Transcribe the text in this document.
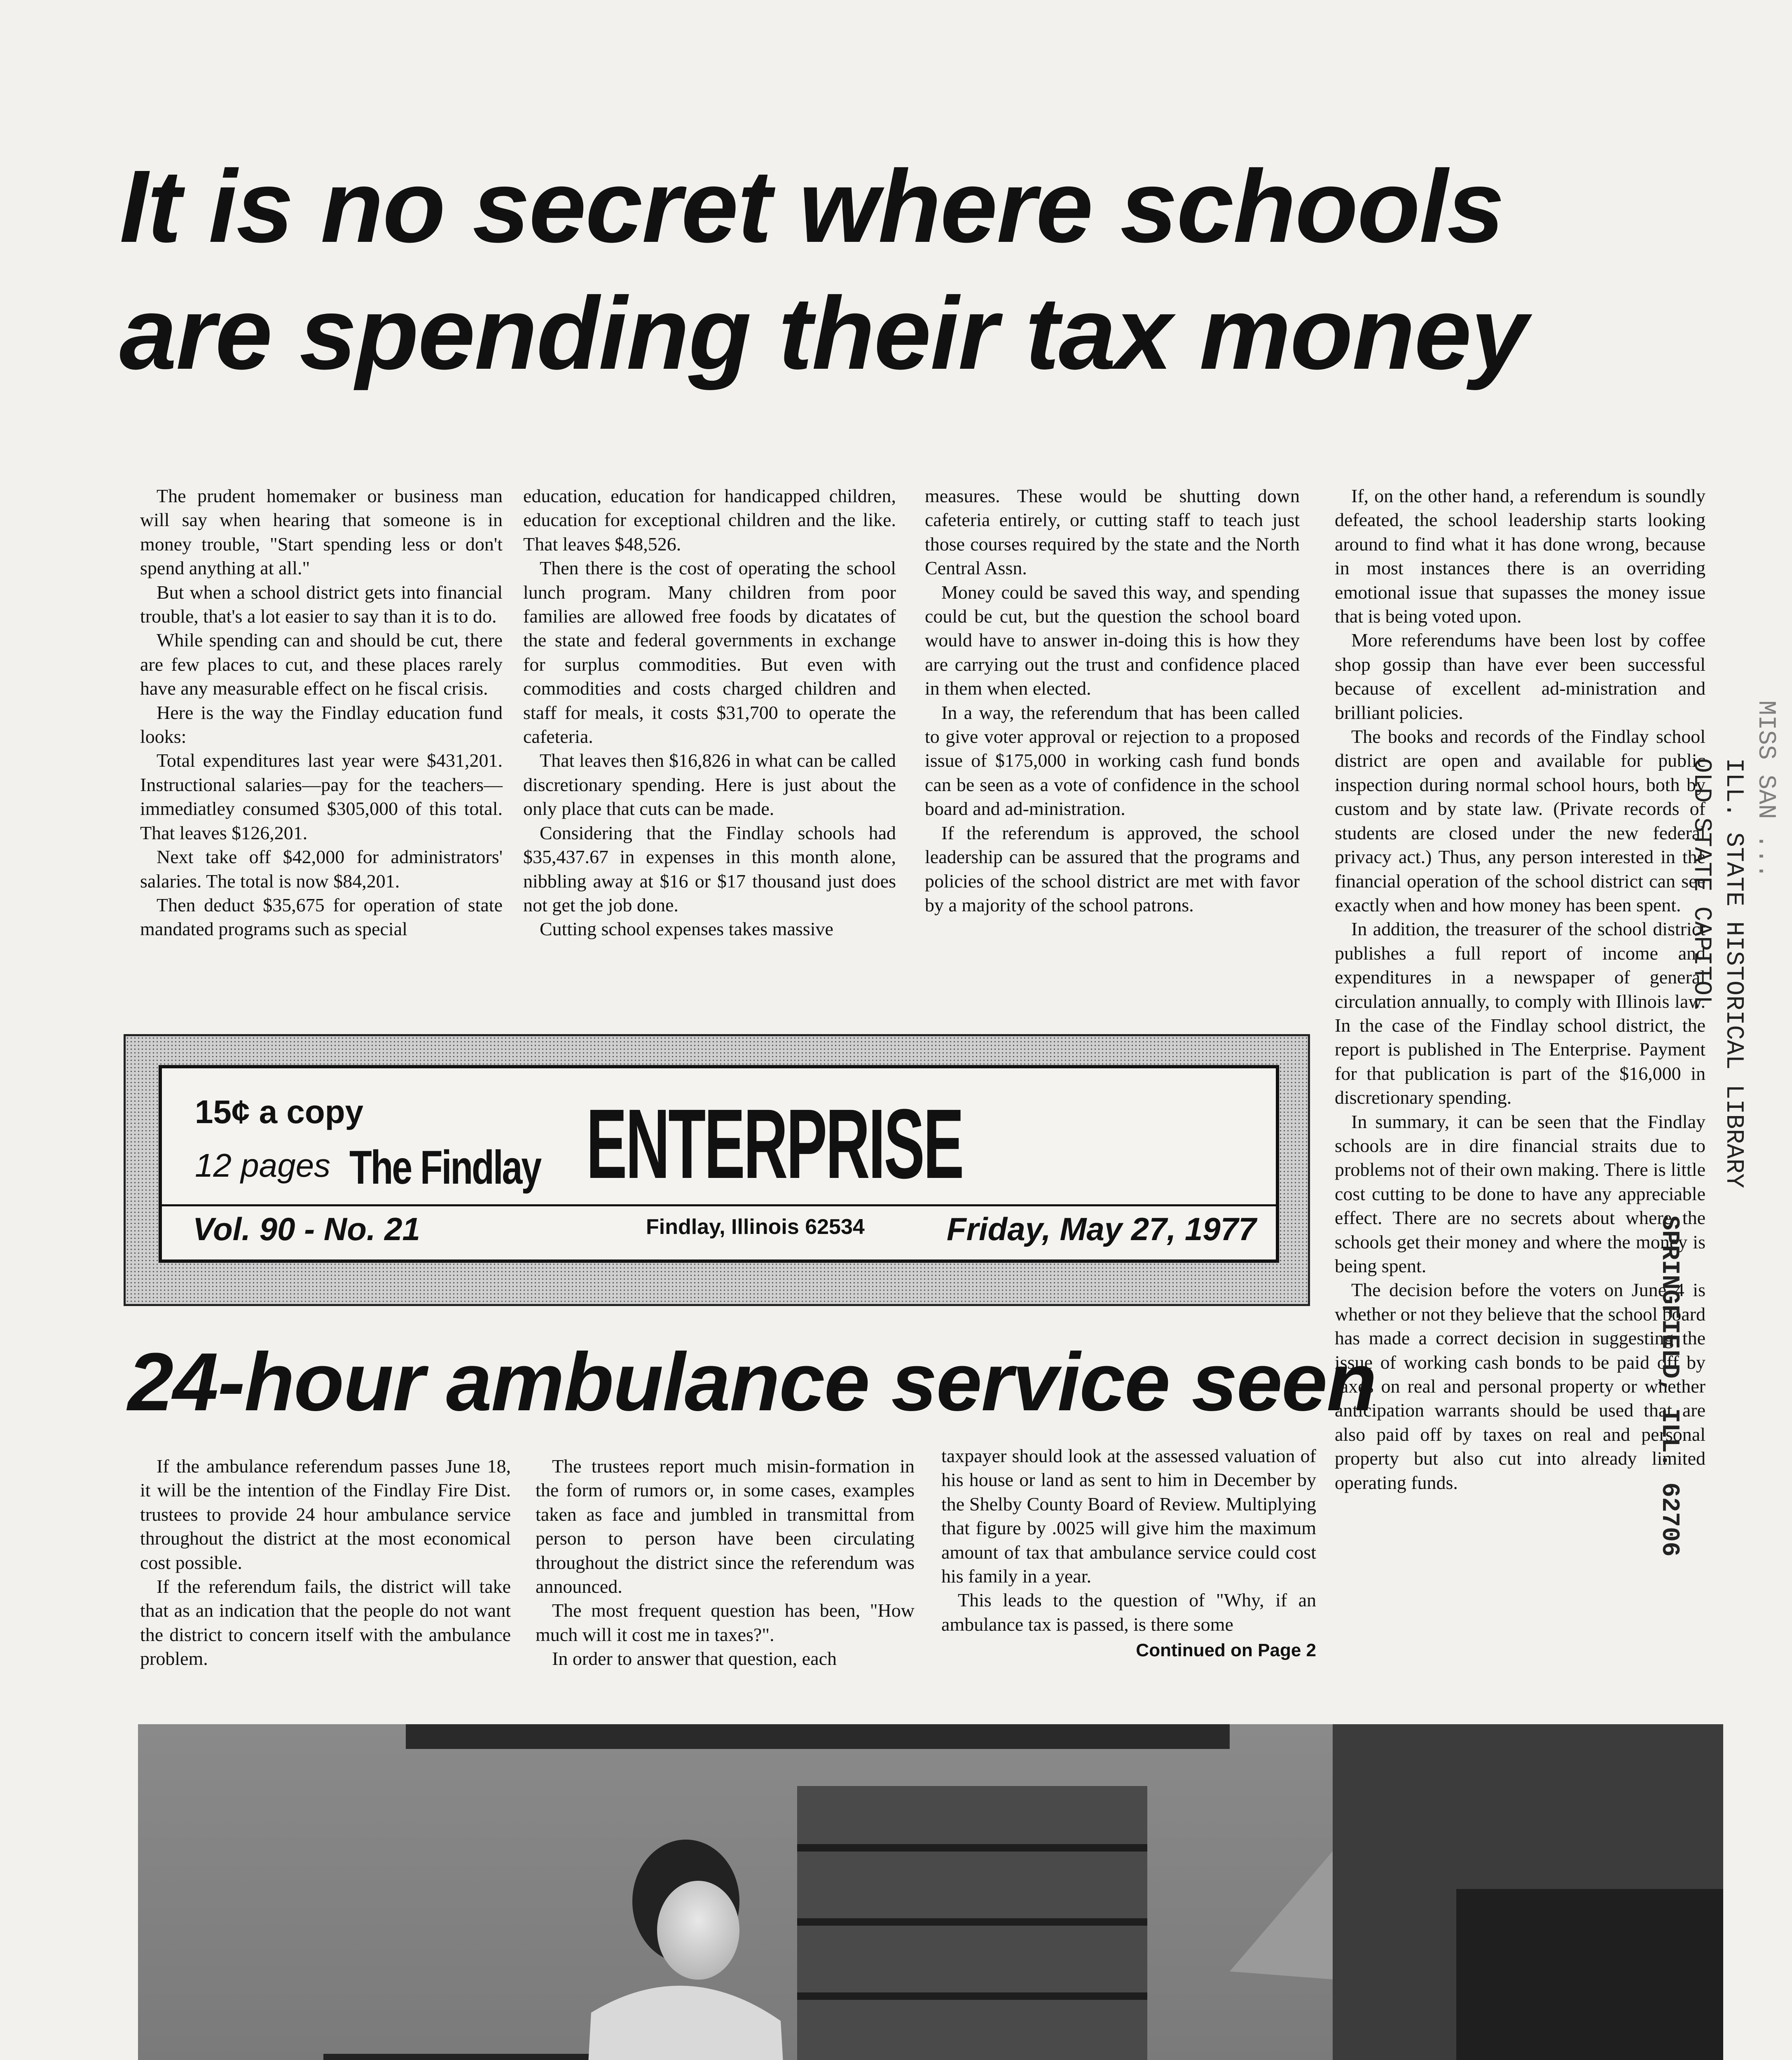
It is no secret where schools
are spending their tax money

The prudent homemaker or business man will say when hearing that someone is in money trouble, "Start spending less or don't spend anything at all."

But when a school district gets into financial trouble, that's a lot easier to say than it is to do.

While spending can and should be cut, there are few places to cut, and these places rarely have any measurable effect on he fiscal crisis.

Here is the way the Findlay education fund looks:

Total expenditures last year were $431,201. Instructional salaries—pay for the teachers—immediatley consumed $305,000 of this total. That leaves $126,201.

Next take off $42,000 for administrators' salaries. The total is now $84,201.

Then deduct $35,675 for operation of state mandated programs such as special

education, education for handicapped children, education for exceptional children and the like. That leaves $48,526.

Then there is the cost of operating the school lunch program. Many children from poor families are allowed free foods by dicatates of the state and federal governments in exchange for surplus commodities. But even with commodities and costs charged children and staff for meals, it costs $31,700 to operate the cafeteria.

That leaves then $16,826 in what can be called discretionary spending. Here is just about the only place that cuts can be made.

Considering that the Findlay schools had $35,437.67 in expenses in this month alone, nibbling away at $16 or $17 thousand just does not get the job done.

Cutting school expenses takes massive

measures. These would be shutting down cafeteria entirely, or cutting staff to teach just those courses required by the state and the North Central Assn.

Money could be saved this way, and spending could be cut, but the question the school board would have to answer in-doing this is how they are carrying out the trust and confidence placed in them when elected.

In a way, the referendum that has been called to give voter approval or rejection to a proposed issue of $175,000 in working cash fund bonds can be seen as a vote of confidence in the school board and ad-ministration.

If the referendum is approved, the school leadership can be assured that the programs and policies of the school district are met with favor by a majority of the school patrons.

If, on the other hand, a referendum is soundly defeated, the school leadership starts looking around to find what it has done wrong, because in most instances there is an overriding emotional issue that supasses the money issue that is being voted upon.

More referendums have been lost by coffee shop gossip than have ever been successful because of excellent ad-ministration and brilliant policies.

The books and records of the Findlay school district are open and available for public inspection during normal school hours, both by custom and by state law. (Private records of students are closed under the new federal privacy act.) Thus, any person interested in the financial operation of the school district can see exactly when and how money has been spent.

In addition, the treasurer of the school district publishes a full report of income and expenditures in a newspaper of general circulation annually, to comply with Illinois law. In the case of the Findlay school district, the report is published in The Enterprise. Payment for that publication is part of the $16,000 in discretionary spending.

In summary, it can be seen that the Findlay schools are in dire financial straits due to problems not of their own making. There is little cost cutting to be done to have any appreciable effect. There are no secrets about where the schools get their money and where the money is being spent.

The decision before the voters on June 4 is whether or not they believe that the school board has made a correct decision in suggesting the issue of working cash bonds to be paid off by taxes on real and personal property or whether anticipation warrants should be used that are also paid off by taxes on real and personal property but also cut into already limited operating funds.

MISS SAN ...
ILL. STATE HISTORICAL LIBRARY
OLD STATE CAPITOL
SPRINGFIELD, ILL. 62706
15¢ a copy
12 pages The Findlay ENTERPRISE
Vol. 90 - No. 21	Findlay, Illinois 62534	Friday, May 27, 1977
24-hour ambulance service seen

If the ambulance referendum passes June 18, it will be the intention of the Findlay Fire Dist. trustees to provide 24 hour ambulance service throughout the district at the most economical cost possible.

If the referendum fails, the district will take that as an indication that the people do not want the district to concern itself with the ambulance problem.

The trustees report much misin-formation in the form of rumors or, in some cases, examples taken as face and jumbled in transmittal from person to person have been circulating throughout the district since the referendum was announced.

The most frequent question has been, "How much will it cost me in taxes?".

In order to answer that question, each

taxpayer should look at the assessed valuation of his house or land as sent to him in December by the Shelby County Board of Review. Multiplying that figure by .0025 will give him the maximum amount of tax that ambulance service could cost his family in a year.

This leads to the question of "Why, if an ambulance tax is passed, is there some

Continued on Page 2
